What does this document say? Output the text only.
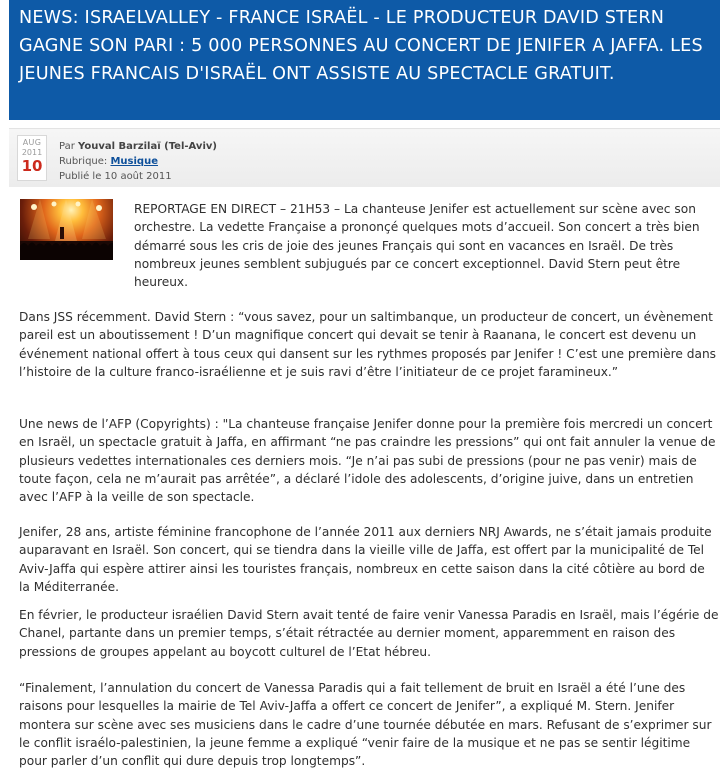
NEWS: ISRAELVALLEY - FRANCE ISRAËL - LE PRODUCTEUR DAVID STERN GAGNE SON PARI : 5 000 PERSONNES AU CONCERT DE JENIFER A JAFFA. LES JEUNES FRANCAIS D'ISRAËL ONT ASSISTE AU SPECTACLE GRATUIT.
AUG
2011
10
Par Youval Barzilaï (Tel-Aviv)
Rubrique: Musique
Publié le 10 août 2011

REPORTAGE EN DIRECT – 21H53 – La chanteuse Jenifer est actuellement sur scène avec son orchestre. La vedette Française a prononçé quelques mots d’accueil. Son concert a très bien démarré sous les cris de joie des jeunes Français qui sont en vacances en Israël. De très nombreux jeunes semblent subjugués par ce concert exceptionnel. David Stern peut être heureux.

Dans JSS récemment. David Stern : “vous savez, pour un saltimbanque, un producteur de concert, un évènement pareil est un aboutissement ! D’un magnifique concert qui devait se tenir à Raanana, le concert est devenu un événement national offert à tous ceux qui dansent sur les rythmes proposés par Jenifer ! C’est une première dans l’histoire de la culture franco-israélienne et je suis ravi d’être l’initiateur de ce projet faramineux.”

Une news de l’AFP (Copyrights) : "La chanteuse française Jenifer donne pour la première fois mercredi un concert en Israël, un spectacle gratuit à Jaffa, en affirmant “ne pas craindre les pressions” qui ont fait annuler la venue de plusieurs vedettes internationales ces derniers mois. “Je n’ai pas subi de pressions (pour ne pas venir) mais de toute façon, cela ne m’aurait pas arrêtée”, a déclaré l’idole des adolescents, d’origine juive, dans un entretien avec l’AFP à la veille de son spectacle.

Jenifer, 28 ans, artiste féminine francophone de l’année 2011 aux derniers NRJ Awards, ne s’était jamais produite auparavant en Israël. Son concert, qui se tiendra dans la vieille ville de Jaffa, est offert par la municipalité de Tel Aviv-Jaffa qui espère attirer ainsi les touristes français, nombreux en cette saison dans la cité côtière au bord de la Méditerranée.

En février, le producteur israélien David Stern avait tenté de faire venir Vanessa Paradis en Israël, mais l’égérie de Chanel, partante dans un premier temps, s’était rétractée au dernier moment, apparemment en raison des pressions de groupes appelant au boycott culturel de l’Etat hébreu.

“Finalement, l’annulation du concert de Vanessa Paradis qui a fait tellement de bruit en Israël a été l’une des raisons pour lesquelles la mairie de Tel Aviv-Jaffa a offert ce concert de Jenifer”, a expliqué M. Stern. Jenifer montera sur scène avec ses musiciens dans le cadre d’une tournée débutée en mars. Refusant de s’exprimer sur le conflit israélo-palestinien, la jeune femme a expliqué “venir faire de la musique et ne pas se sentir légitime pour parler d’un conflit qui dure depuis trop longtemps”.
